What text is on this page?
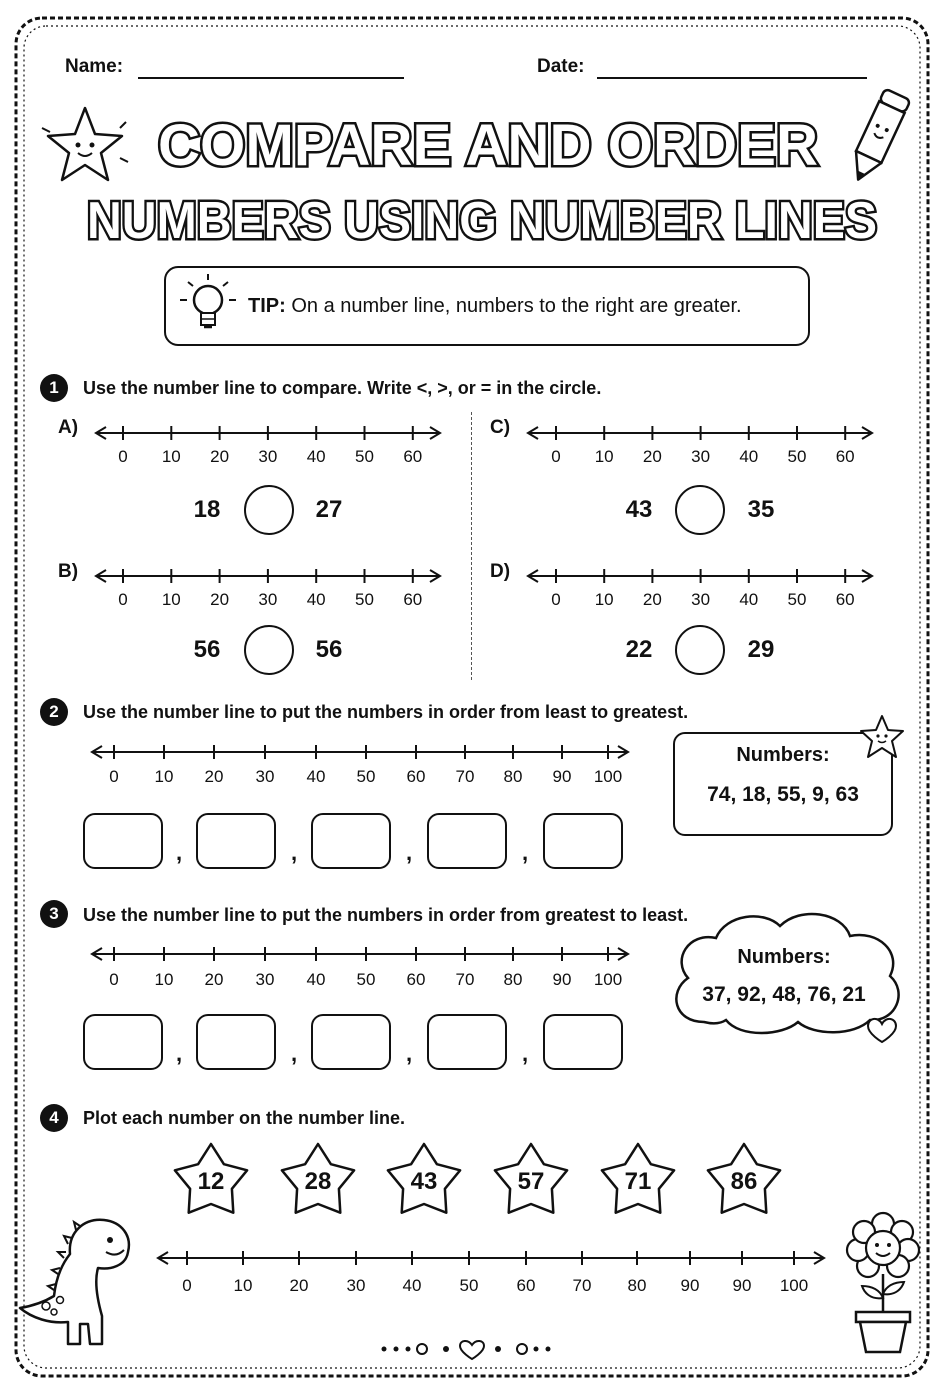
Name:	Date:
COMPARE AND ORDER
NUMBERS USING NUMBER LINES
TIP: On a number line, numbers to the right are greater.
1	Use the number line to compare. Write <, >, or = in the circle.
A)
B)
C)
D)
0 10 20 30 40 50 60
0 10 20 30 40 50 60
0 10 20 30 40 50 60
0 10 20 30 40 50 60
18	27
56	56
43	35
22	29
2	Use the number line to put the numbers in order from least to greatest.
0 10 20 30 40 50 60 70 80 90 100
,	,	,	,
Numbers:
74, 18, 55, 9, 63
3	Use the number line to put the numbers in order from greatest to least.
0 10 20 30 40 50 60 70 80 90 100
,	,	,	,
Numbers:
37, 92, 48, 76, 21
4	Plot each number on the number line.
12	28	43	57	71	86
0 10 20 30 40 50 60 70 80 90 90 100
